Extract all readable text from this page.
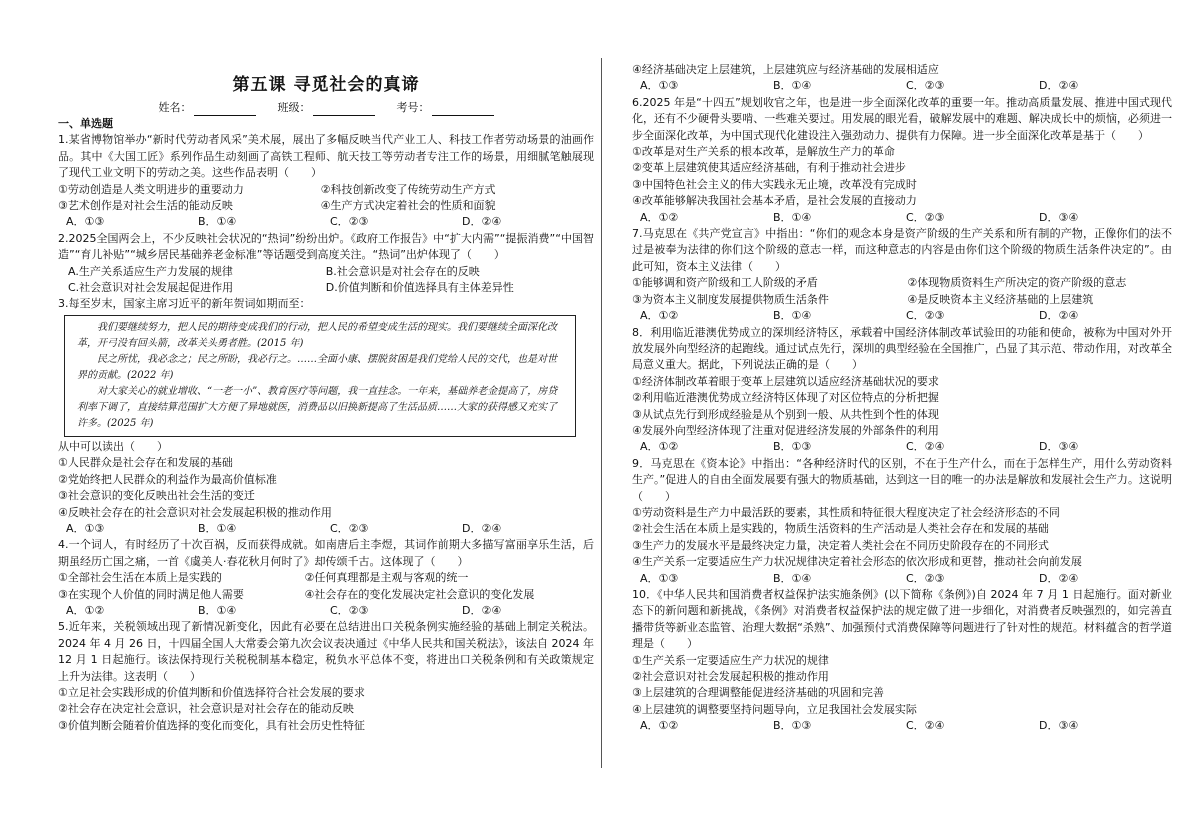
第五课 寻觅社会的真谛
姓名：	班级：	考号：
一、单选题
1.某省博物馆举办“新时代劳动者风采”美术展，展出了多幅反映当代产业工人、科技工作者劳动场景的油画作品。其中《大国工匠》系列作品生动刻画了高铁工程师、航天技工等劳动者专注工作的场景，用细腻笔触展现了现代工业文明下的劳动之美。这些作品表明（　　）
①劳动创造是人类文明进步的重要动力	②科技创新改变了传统劳动生产方式
③艺术创作是对社会生活的能动反映	④生产方式决定着社会的性质和面貌
A．①③	B．①④	C．②③	D．②④
2.2025全国两会上，不少反映社会状况的“热词”纷纷出炉。《政府工作报告》中“扩大内需”“提振消费”“中国智造”“育儿补贴”“城乡居民基础养老金标准”等话题受到高度关注。“热词”出炉体现了（　　）
A.生产关系适应生产力发展的规律	B.社会意识是对社会存在的反映
C.社会意识对社会发展起促进作用	D.价值判断和价值选择具有主体差异性
3.每至岁末，国家主席习近平的新年贺词如期而至：

我们要继续努力，把人民的期待变成我们的行动，把人民的希望变成生活的现实。我们要继续全面深化改革，开弓没有回头箭，改革关头勇者胜。(2015 年)

民之所忧，我必念之；民之所盼，我必行之。……全面小康、摆脱贫困是我们党给人民的交代，也是对世界的贡献。(2022 年)

对大家关心的就业增收、“一老一小”、教育医疗等问题，我一直挂念。一年来，基础养老金提高了，房贷利率下调了，直接结算范围扩大方便了异地就医，消费品以旧换新提高了生活品质……大家的获得感又充实了许多。(2025 年)

从中可以读出（　　）
①人民群众是社会存在和发展的基础
②党始终把人民群众的利益作为最高价值标准
③社会意识的变化反映出社会生活的变迁
④反映社会存在的社会意识对社会发展起积极的推动作用
A．①③	B．①④	C．②③	D．②④
4.一个词人，有时经历了十次百祸，反而获得成就。如南唐后主李煜，其词作前期大多描写富丽享乐生活，后期虽经历亡国之痛，一首《虞美人·春花秋月何时了》却传颂千古。这体现了（　　）
①全部社会生活在本质上是实践的	②任何真理都是主观与客观的统一
③在实现个人价值的同时满足他人需要	④社会存在的变化发展决定社会意识的变化发展
A．①②	B．①④	C．②③	D．②④
5.近年来，关税领域出现了新情况新变化，因此有必要在总结进出口关税条例实施经验的基础上制定关税法。2024 年 4 月 26 日，十四届全国人大常委会第九次会议表决通过《中华人民共和国关税法》，该法自 2024 年 12 月 1 日起施行。该法保持现行关税税制基本稳定，税负水平总体不变，将进出口关税条例和有关政策规定上升为法律。这表明（　　）
①立足社会实践形成的价值判断和价值选择符合社会发展的要求
②社会存在决定社会意识，社会意识是对社会存在的能动反映
③价值判断会随着价值选择的变化而变化，具有社会历史性特征
④经济基础决定上层建筑，上层建筑应与经济基础的发展相适应
A．①③	B．①④	C．②③	D．②④
6.2025 年是“十四五”规划收官之年，也是进一步全面深化改革的重要一年。推动高质量发展、推进中国式现代化，还有不少硬骨头要啃、一些难关要过。用发展的眼光看，破解发展中的难题、解决成长中的烦恼，必须进一步全面深化改革，为中国式现代化建设注入强劲动力、提供有力保障。进一步全面深化改革是基于（　　）
①改革是对生产关系的根本改革，是解放生产力的革命
②变革上层建筑使其适应经济基础，有利于推动社会进步
③中国特色社会主义的伟大实践永无止境，改革没有完成时
④改革能够解决我国社会基本矛盾，是社会发展的直接动力
A．①②	B．①④	C．②③	D．③④
7.马克思在《共产党宣言》中指出：“你们的观念本身是资产阶级的生产关系和所有制的产物，正像你们的法不过是被奉为法律的你们这个阶级的意志一样，而这种意志的内容是由你们这个阶级的物质生活条件决定的”。由此可知，资本主义法律（　　）
①能够调和资产阶级和工人阶级的矛盾	②体现物质资料生产所决定的资产阶级的意志
③为资本主义制度发展提供物质生活条件	④是反映资本主义经济基础的上层建筑
A．①②	B．①④	C．②③	D．②④
8．利用临近港澳优势成立的深圳经济特区，承载着中国经济体制改革试验田的功能和使命，被称为中国对外开放发展外向型经济的起跑线。通过试点先行，深圳的典型经验在全国推广，凸显了其示范、带动作用，对改革全局意义重大。据此，下列说法正确的是（　　）
①经济体制改革着眼于变革上层建筑以适应经济基础状况的要求
②利用临近港澳优势成立经济特区体现了对区位特点的分析把握
③从试点先行到形成经验是从个别到一般、从共性到个性的体现
④发展外向型经济体现了注重对促进经济发展的外部条件的利用
A．①②	B．①③	C．②④	D．③④
9．马克思在《资本论》中指出：“各种经济时代的区别，不在于生产什么，而在于怎样生产，用什么劳动资料生产。”促进人的自由全面发展要有强大的物质基础，达到这一目的唯一的办法是解放和发展社会生产力。这说明（　　）
①劳动资料是生产力中最活跃的要素，其性质和特征很大程度决定了社会经济形态的不同
②社会生活在本质上是实践的，物质生活资料的生产活动是人类社会存在和发展的基础
③生产力的发展水平是最终决定力量，决定着人类社会在不同历史阶段存在的不同形式
④生产关系一定要适应生产力状况规律决定着社会形态的依次形成和更替，推动社会向前发展
A．①③	B．①④	C．②③	D．②④
10．《中华人民共和国消费者权益保护法实施条例》(以下简称《条例》)自 2024 年 7 月 1 日起施行。面对新业态下的新问题和新挑战，《条例》对消费者权益保护法的规定做了进一步细化，对消费者反映强烈的，如完善直播带货等新业态监管、治理大数据“杀熟”、加强预付式消费保障等问题进行了针对性的规范。材料蕴含的哲学道理是（　　）
①生产关系一定要适应生产力状况的规律
②社会意识对社会发展起积极的推动作用
③上层建筑的合理调整能促进经济基础的巩固和完善
④上层建筑的调整要坚持问题导向，立足我国社会发展实际
A．①②	B．①③	C．②④	D．③④
